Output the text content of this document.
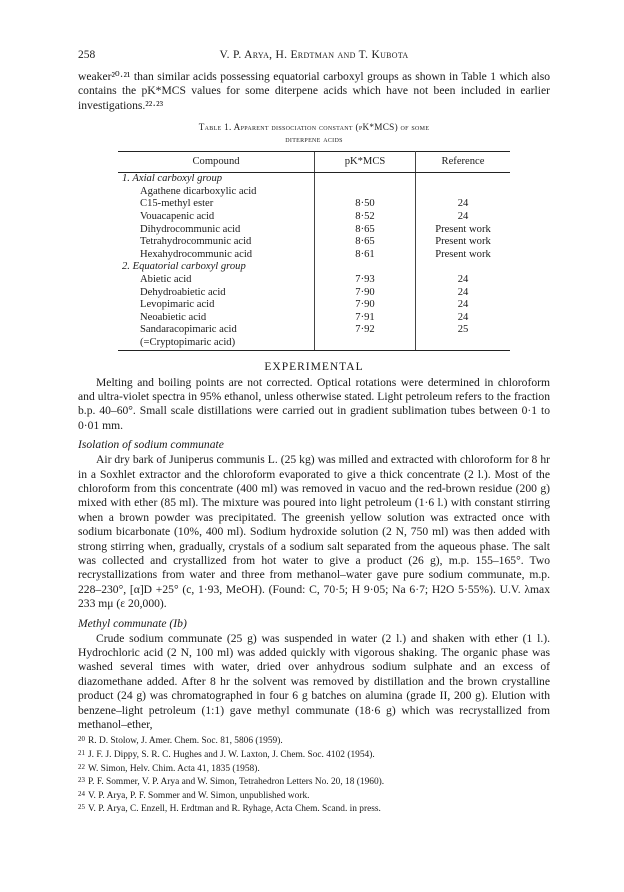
258	V. P. Arya, H. Erdtman and T. Kubota

weaker²⁰·²¹ than similar acids possessing equatorial carboxyl groups as shown in Table 1 which also contains the pK*MCS values for some diterpene acids which have not been included in earlier investigations.²²·²³

Table 1. Apparent dissociation constant (pK*MCS) of some
diterpene acids
Compound	pK*MCS	Reference
1. Axial carboxyl group		
Agathene dicarboxylic acid		
C15-methyl ester	8·50	24
Vouacapenic acid	8·52	24
Dihydrocommunic acid	8·65	Present work
Tetrahydrocommunic acid	8·65	Present work
Hexahydrocommunic acid	8·61	Present work
2. Equatorial carboxyl group		
Abietic acid	7·93	24
Dehydroabietic acid	7·90	24
Levopimaric acid	7·90	24
Neoabietic acid	7·91	24
Sandaracopimaric acid	7·92	25
(=Cryptopimaric acid)		
EXPERIMENTAL

Melting and boiling points are not corrected. Optical rotations were determined in chloroform and ultra-violet spectra in 95% ethanol, unless otherwise stated. Light petroleum refers to the fraction b.p. 40–60°. Small scale distillations were carried out in gradient sublimation tubes between 0·1 to 0·01 mm.

Isolation of sodium communate

Air dry bark of Juniperus communis L. (25 kg) was milled and extracted with chloroform for 8 hr in a Soxhlet extractor and the chloroform evaporated to give a thick concentrate (2 l.). Most of the chloroform from this concentrate (400 ml) was removed in vacuo and the red-brown residue (200 g) mixed with ether (85 ml). The mixture was poured into light petroleum (1·6 l.) with constant stirring when a brown powder was precipitated. The greenish yellow solution was extracted once with sodium bicarbonate (10%, 400 ml). Sodium hydroxide solution (2 N, 750 ml) was then added with strong stirring when, gradually, crystals of a sodium salt separated from the aqueous phase. The salt was collected and crystallized from hot water to give a product (26 g), m.p. 155–165°. Two recrystallizations from water and three from methanol–water gave pure sodium communate, m.p. 228–230°, [α]D +25° (c, 1·93, MeOH). (Found: C, 70·5; H 9·05; Na 6·7; H2O 5·55%). U.V. λmax 233 mμ (ε 20,000).

Methyl communate (Ib)

Crude sodium communate (25 g) was suspended in water (2 l.) and shaken with ether (1 l.). Hydrochloric acid (2 N, 100 ml) was added quickly with vigorous shaking. The organic phase was washed several times with water, dried over anhydrous sodium sulphate and an excess of diazomethane added. After 8 hr the solvent was removed by distillation and the brown crystalline product (24 g) was chromatographed in four 6 g batches on alumina (grade II, 200 g). Elution with benzene–light petroleum (1:1) gave methyl communate (18·6 g) which was recrystallized from methanol–ether,

$^{20}$ R. D. Stolow, J. Amer. Chem. Soc. 81, 5806 (1959).
$^{21}$ J. F. J. Dippy, S. R. C. Hughes and J. W. Laxton, J. Chem. Soc. 4102 (1954).
$^{22}$ W. Simon, Helv. Chim. Acta 41, 1835 (1958).
$^{23}$ P. F. Sommer, V. P. Arya and W. Simon, Tetrahedron Letters No. 20, 18 (1960).
$^{24}$ V. P. Arya, P. F. Sommer and W. Simon, unpublished work.
$^{25}$ V. P. Arya, C. Enzell, H. Erdtman and R. Ryhage, Acta Chem. Scand. in press.
